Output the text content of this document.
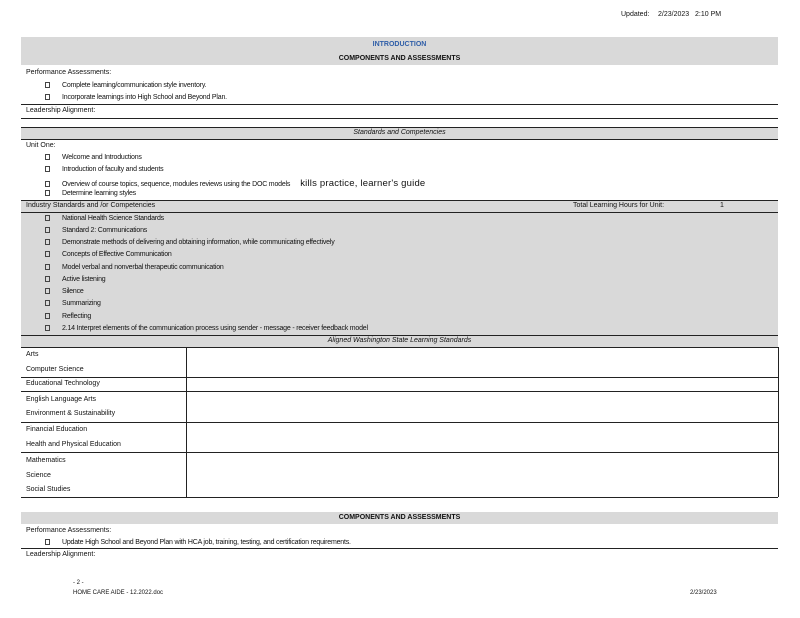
Updated: 2/23/2023 2:10 PM
INTRODUCTION
COMPONENTS AND ASSESSMENTS
Performance Assessments:
Complete learning/communication style inventory.
Incorporate learnings into High School and Beyond Plan.
Leadership Alignment:
Standards and Competencies
Unit One:
Welcome and Introductions
Introduction of faculty and students
Overview of course topics, sequence, modules reviews using the DOC models kills practice, learner's guide
Determine learning styles
Industry Standards and /or Competencies	Total Learning Hours for Unit:	1
National Health Science Standards
Standard 2: Communications
Demonstrate methods of delivering and obtaining information, while communicating effectively
Concepts of Effective Communication
Model verbal and nonverbal therapeutic communication
Active listening
Silence
Summarizing
Reflecting
2.14 Interpret elements of the communication process using sender - message - receiver feedback model
Aligned Washington State Learning Standards
Arts
Computer Science
Educational Technology
English Language Arts
Environment & Sustainability
Financial Education
Health and Physical Education
Mathematics
Science
Social Studies
COMPONENTS AND ASSESSMENTS
Performance Assessments:
Update High School and Beyond Plan with HCA job, training, testing, and certification requirements.
Leadership Alignment:
- 2 -
HOME CARE AIDE - 12.2022.doc	2/23/2023
